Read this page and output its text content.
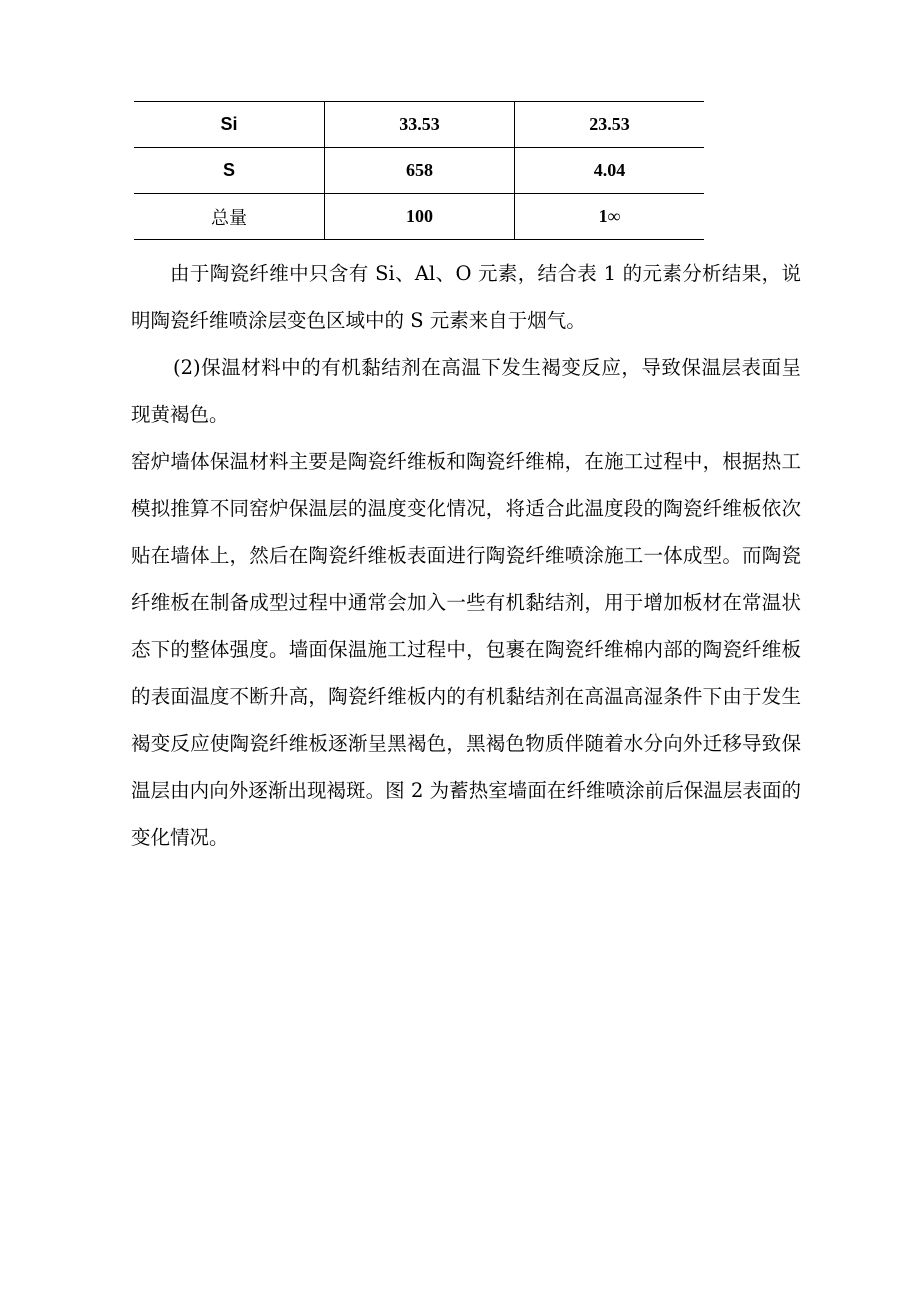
Si	33.53	23.53
S	658	4.04
总量	100	1∞

由于陶瓷纤维中只含有 Si、Al、O 元素，结合表 1 的元素分析结果，说明陶瓷纤维喷涂层变色区域中的 S 元素来自于烟气。

(2)保温材料中的有机黏结剂在高温下发生褐变反应，导致保温层表面呈现黄褐色。

窑炉墙体保温材料主要是陶瓷纤维板和陶瓷纤维棉，在施工过程中，根据热工模拟推算不同窑炉保温层的温度变化情况，将适合此温度段的陶瓷纤维板依次贴在墙体上，然后在陶瓷纤维板表面进行陶瓷纤维喷涂施工一体成型。而陶瓷纤维板在制备成型过程中通常会加入一些有机黏结剂，用于增加板材在常温状态下的整体强度。墙面保温施工过程中，包裹在陶瓷纤维棉内部的陶瓷纤维板的表面温度不断升高，陶瓷纤维板内的有机黏结剂在高温高湿条件下由于发生褐变反应使陶瓷纤维板逐渐呈黑褐色，黑褐色物质伴随着水分向外迁移导致保温层由内向外逐渐出现褐斑。图 2 为蓄热室墙面在纤维喷涂前后保温层表面的变化情况。
